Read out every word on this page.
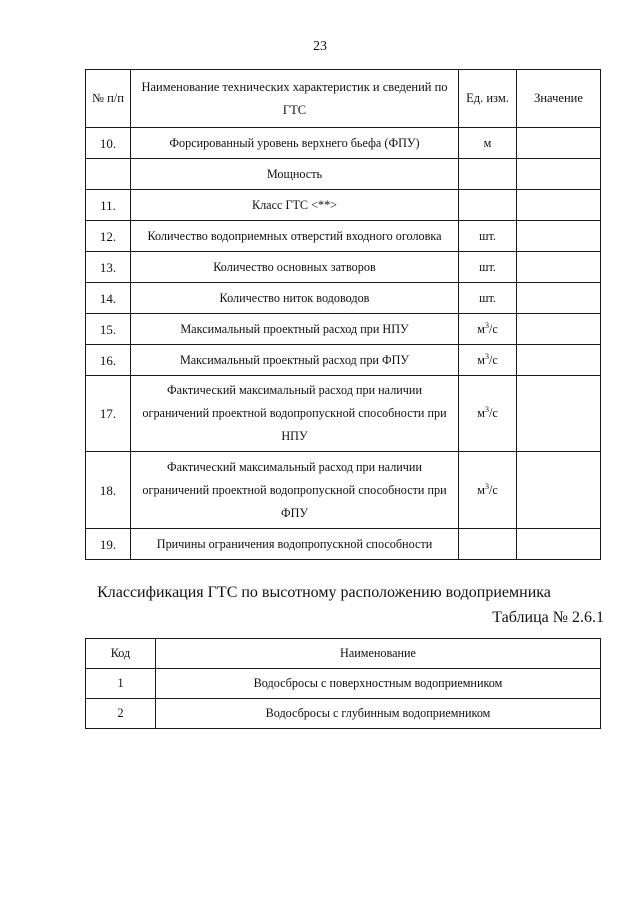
23
№ п/п	Наименование технических характеристик и сведений по ГТС	Ед. изм.	Значение
10.	Форсированный уровень верхнего бьефа (ФПУ)	м	
	Мощность		
11.	Класс ГТС <**>		
12.	Количество водоприемных отверстий входного оголовка	шт.	
13.	Количество основных затворов	шт.	
14.	Количество ниток водоводов	шт.	
15.	Максимальный проектный расход при НПУ	$м^3/с$	
16.	Максимальный проектный расход при ФПУ	$м^3/с$	
17.	Фактический максимальный расход при наличии ограничений проектной водопропускной способности при НПУ	$м^3/с$	
18.	Фактический максимальный расход при наличии ограничений проектной водопропускной способности при ФПУ	$м^3/с$	
19.	Причины ограничения водопропускной способности		
Классификация ГТС по высотному расположению водоприемника
Таблица № 2.6.1
Код	Наименование
1	Водосбросы с поверхностным водоприемником
2	Водосбросы с глубинным водоприемником
